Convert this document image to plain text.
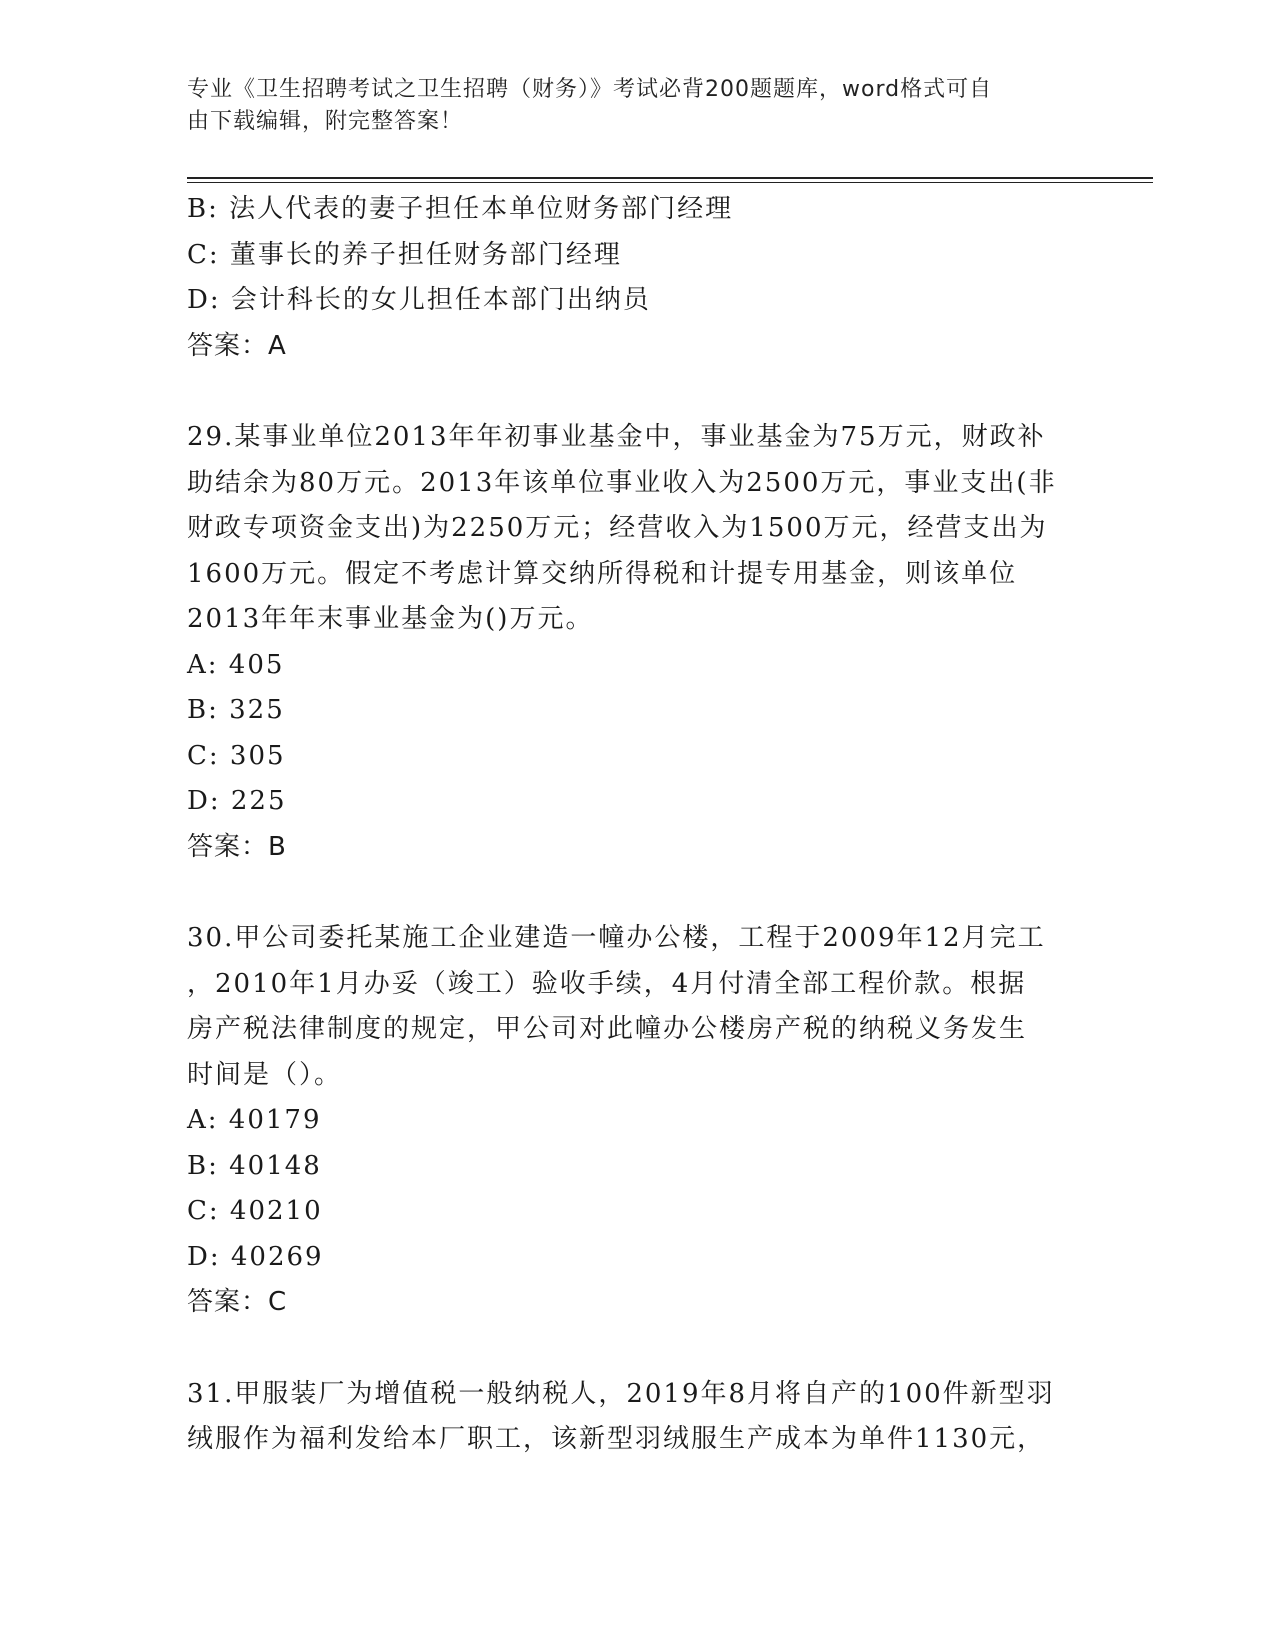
专业《卫生招聘考试之卫生招聘（财务）》考试必背200题题库，word格式可自
由下载编辑，附完整答案！
B: 法人代表的妻子担任本单位财务部门经理
C: 董事长的养子担任财务部门经理
D: 会计科长的女儿担任本部门出纳员
答案：A
29.某事业单位2013年年初事业基金中，事业基金为75万元，财政补
助结余为80万元。2013年该单位事业收入为2500万元，事业支出(非
财政专项资金支出)为2250万元；经营收入为1500万元，经营支出为
1600万元。假定不考虑计算交纳所得税和计提专用基金，则该单位
2013年年末事业基金为()万元。
A: 405
B: 325
C: 305
D: 225
答案：B
30.甲公司委托某施工企业建造一幢办公楼，工程于2009年12月完工
，2010年1月办妥（竣工）验收手续，4月付清全部工程价款。根据
房产税法律制度的规定，甲公司对此幢办公楼房产税的纳税义务发生
时间是（）。
A: 40179
B: 40148
C: 40210
D: 40269
答案：C
31.甲服装厂为增值税一般纳税人，2019年8月将自产的100件新型羽
绒服作为福利发给本厂职工，该新型羽绒服生产成本为单件1130元，
